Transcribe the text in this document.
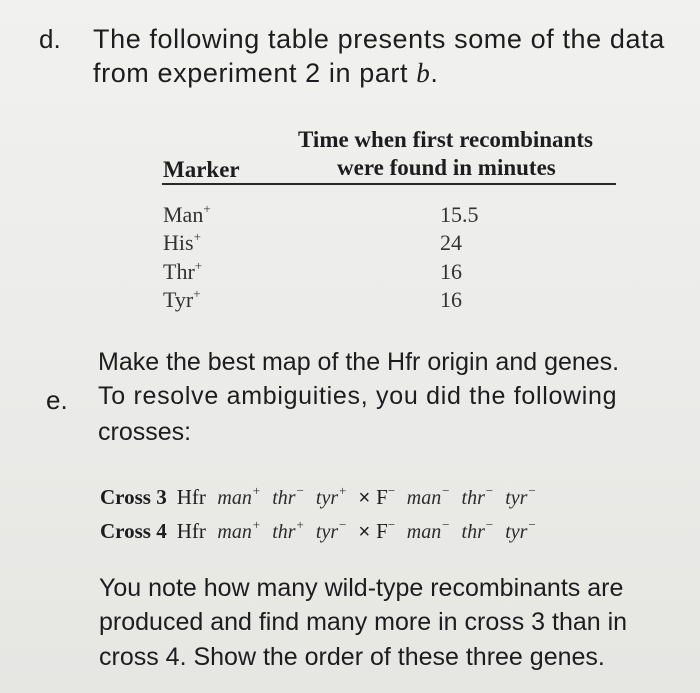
d. The following table presents some of the data
from experiment 2 in part b.
Time when first recombinants
Marker	were found in minutes
Man+	15.5
His+	24
Thr+	16
Tyr+	16
Make the best map of the Hfr origin and genes.
e. To resolve ambiguities, you did the following
crosses:
Cross 3 Hfr man+ thr− tyr+ × F− man− thr− tyr−
Cross 4 Hfr man+ thr+ tyr− × F− man− thr− tyr−
You note how many wild-type recombinants are
produced and find many more in cross 3 than in
cross 4. Show the order of these three genes.
